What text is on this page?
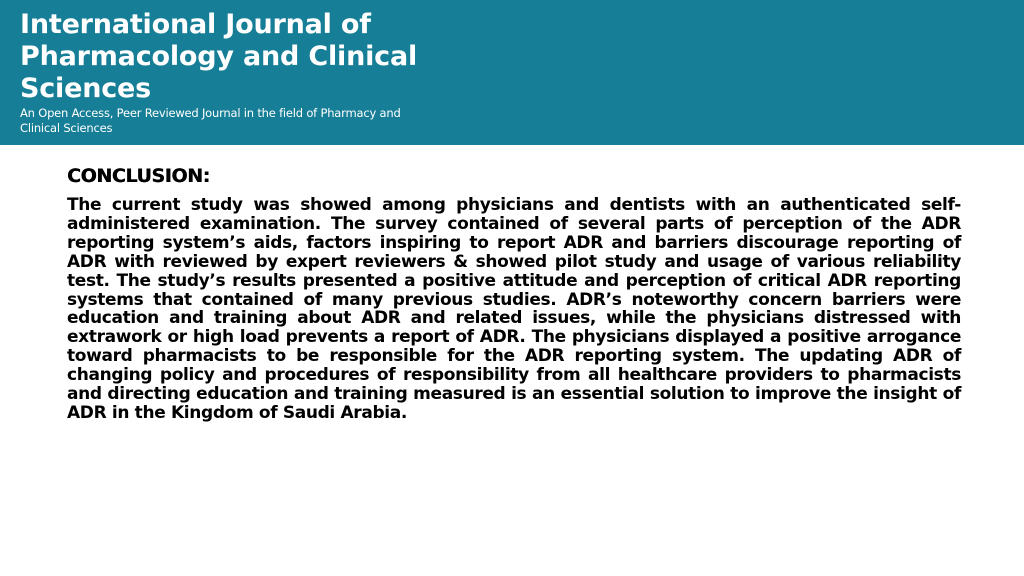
International Journal of Pharmacology and Clinical Sciences

An Open Access, Peer Reviewed Journal in the field of Pharmacy and Clinical Sciences

CONCLUSION:

The current study was showed among physicians and dentists with an authenticated self-administered examination. The survey contained of several parts of perception of the ADR reporting system’s aids, factors inspiring to report ADR and barriers discourage reporting of ADR with reviewed by expert reviewers & showed pilot study and usage of various reliability test. The study’s results presented a positive attitude and perception of critical ADR reporting systems that contained of many previous studies. ADR’s noteworthy concern barriers were education and training about ADR and related issues, while the physicians distressed with extrawork or high load prevents a report of ADR. The physicians displayed a positive arrogance toward pharmacists to be responsible for the ADR reporting system. The updating ADR of changing policy and procedures of responsibility from all healthcare providers to pharmacists and directing education and training measured is an essential solution to improve the insight of ADR in the Kingdom of Saudi Arabia.
